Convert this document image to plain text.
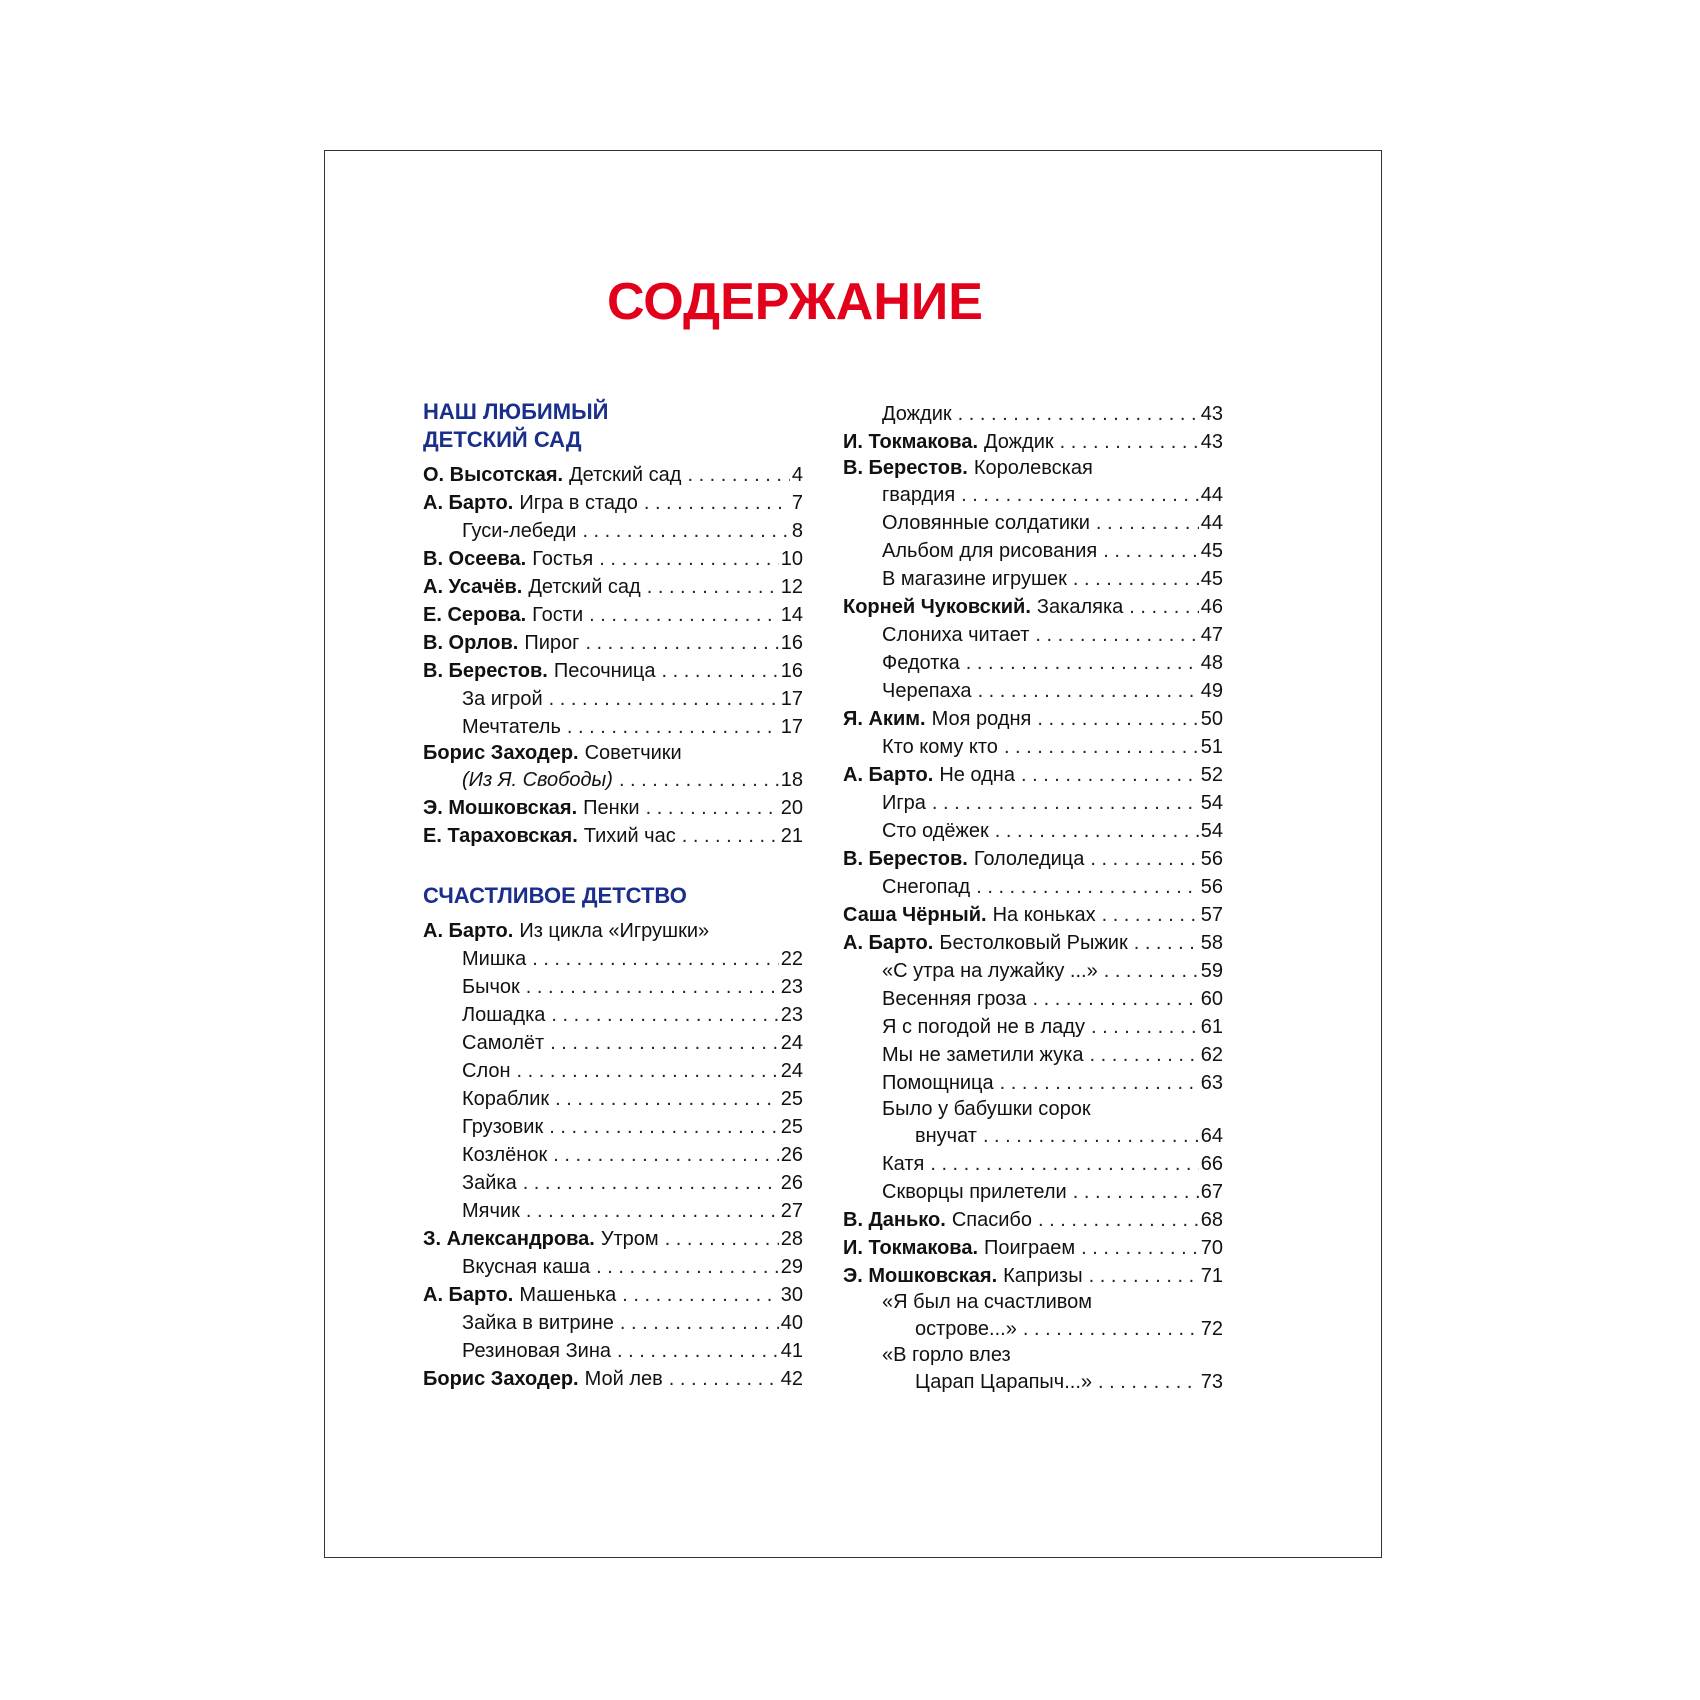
СОДЕРЖАНИЕ
НАШ ЛЮБИМЫЙ
ДЕТСКИЙ САД
О. Высотская. Детский сад . . .	4
А. Барто. Игра в стадо . . .	7
Гуси-лебеди . . .	8
В. Осеева. Гостья . . .	10
А. Усачёв. Детский сад . . .	12
Е. Серова. Гости . . .	14
В. Орлов. Пирог . . .	16
В. Берестов. Песочница . . .	16
За игрой . . .	17
Мечтатель . . .	17
Борис Заходер. Советчики
(Из Я. Свободы) . . .	18
Э. Мошковская. Пенки . . .	20
Е. Тараховская. Тихий час . . .	21
СЧАСТЛИВОЕ ДЕТСТВО
А. Барто. Из цикла «Игрушки»
Мишка . . .	22
Бычок . . .	23
Лошадка . . .	23
Самолёт . . .	24
Слон . . .	24
Кораблик . . .	25
Грузовик . . .	25
Козлёнок . . .	26
Зайка . . .	26
Мячик . . .	27
З. Александрова. Утром . . .	28
Вкусная каша . . .	29
А. Барто. Машенька . . .	30
Зайка в витрине . . .	40
Резиновая Зина . . .	41
Борис Заходер. Мой лев . . .	42
Дождик . . .	43
И. Токмакова. Дождик . . .	43
В. Берестов. Королевская
гвардия . . .	44
Оловянные солдатики . . .	44
Альбом для рисования . . .	45
В магазине игрушек . . .	45
Корней Чуковский. Закаляка . . .	46
Слониха читает . . .	47
Федотка . . .	48
Черепаха . . .	49
Я. Аким. Моя родня . . .	50
Кто кому кто . . .	51
А. Барто. Не одна . . .	52
Игра . . .	54
Сто одёжек . . .	54
В. Берестов. Гололедица . . .	56
Снегопад . . .	56
Саша Чёрный. На коньках . . .	57
А. Барто. Бестолковый Рыжик . . .	58
«С утра на лужайку ...» . . .	59
Весенняя гроза . . .	60
Я с погодой не в ладу . . .	61
Мы не заметили жука . . .	62
Помощница . . .	63
Было у бабушки сорок
внучат . . .	64
Катя . . .	66
Скворцы прилетели . . .	67
В. Данько. Спасибо . . .	68
И. Токмакова. Поиграем . . .	70
Э. Мошковская. Капризы . . .	71
«Я был на счастливом
острове...» . . .	72
«В горло влез
Царап Царапыч...» . . .	73
